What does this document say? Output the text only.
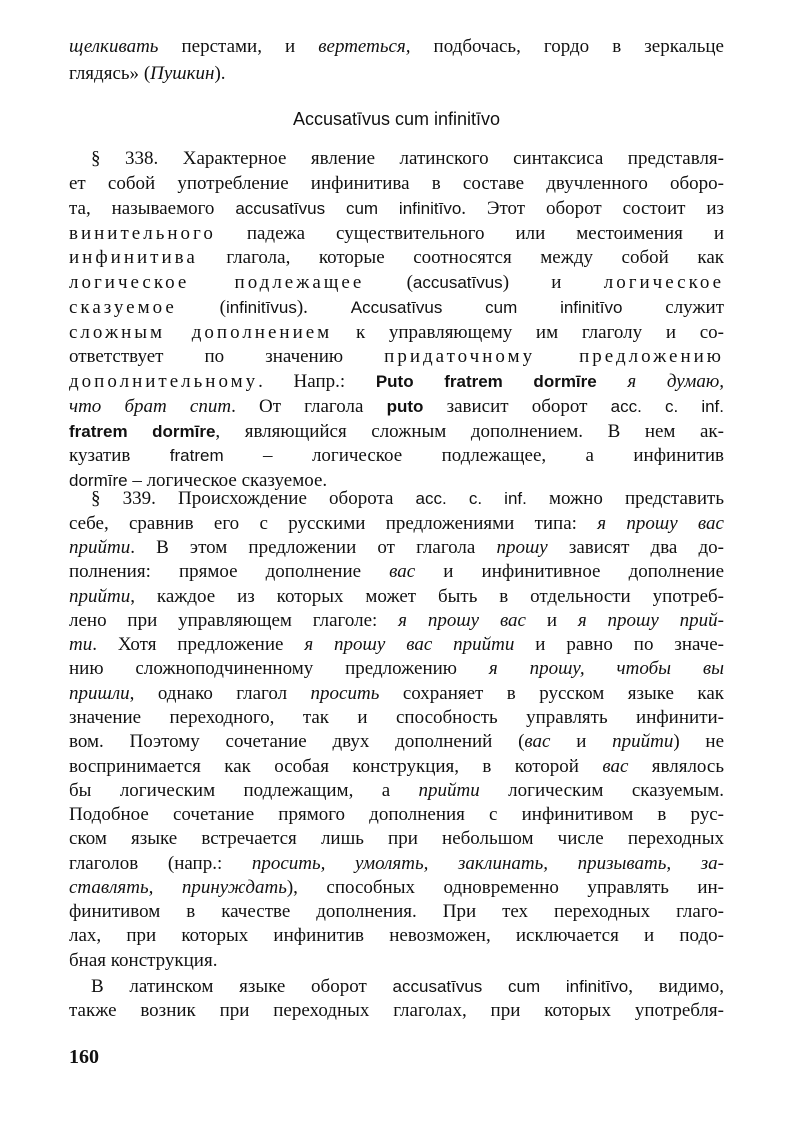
щелкивать перстами, и вертеться, подбочась, гордо в зеркальце
глядясь» (Пушкин).
Accusatīvus cum infinitīvo
§ 338. Характерное явление латинского синтаксиса представля-
ет собой употребление инфинитива в составе двучленного оборо-
та, называемого accusatīvus cum infinitīvo. Этот оборот состоит из
винительного падежа существительного или местоимения и
инфинитива глагола, которые соотносятся между собой как
логическое подлежащее (accusatīvus) и логическое
сказуемое (infinitīvus). Accusatīvus cum infinitīvo служит
сложным дополнением к управляющему им глаголу и со-
ответствует по значению придаточному предложению
дополнительному. Напр.: Puto fratrem dormīre я думаю,
что брат спит. От глагола puto зависит оборот acc. c. inf.
fratrem dormīre, являющийся сложным дополнением. В нем ак-
кузатив fratrem – логическое подлежащее, а инфинитив
dormīre – логическое сказуемое.
§ 339. Происхождение оборота acc. c. inf. можно представить
себе, сравнив его с русскими предложениями типа: я прошу вас
прийти. В этом предложении от глагола прошу зависят два до-
полнения: прямое дополнение вас и инфинитивное дополнение
прийти, каждое из которых может быть в отдельности употреб-
лено при управляющем глаголе: я прошу вас и я прошу прий-
ти. Хотя предложение я прошу вас прийти и равно по значе-
нию сложноподчиненному предложению я прошу, чтобы вы
пришли, однако глагол просить сохраняет в русском языке как
значение переходного, так и способность управлять инфинити-
вом. Поэтому сочетание двух дополнений (вас и прийти) не
воспринимается как особая конструкция, в которой вас являлось
бы логическим подлежащим, а прийти логическим сказуемым.
Подобное сочетание прямого дополнения с инфинитивом в рус-
ском языке встречается лишь при небольшом числе переходных
глаголов (напр.: просить, умолять, заклинать, призывать, за-
ставлять, принуждать), способных одновременно управлять ин-
финитивом в качестве дополнения. При тех переходных глаго-
лах, при которых инфинитив невозможен, исключается и подо-
бная конструкция.
В латинском языке оборот accusatīvus cum infinitīvo, видимо,
также возник при переходных глаголах, при которых употребля-
160
